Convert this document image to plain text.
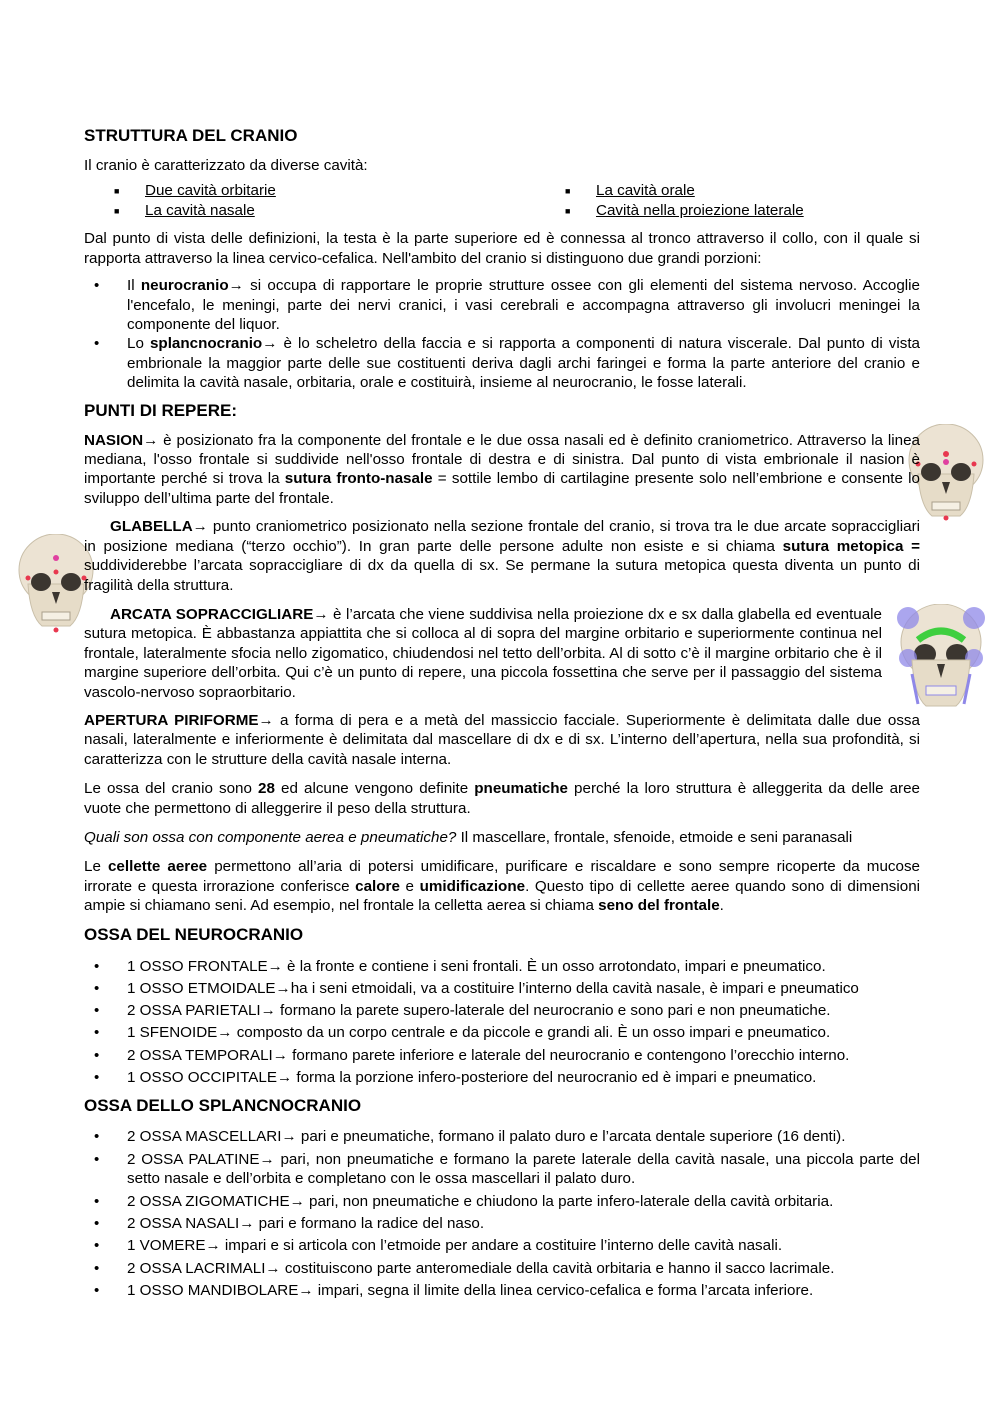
STRUTTURA DEL CRANIO

Il cranio è caratterizzato da diverse cavità:

■	Due cavità orbitarie	■	La cavità orale
■	La cavità nasale	■	Cavità nella proiezione laterale

Dal punto di vista delle definizioni, la testa è la parte superiore ed è connessa al tronco attraverso il collo, con il quale si rapporta attraverso la linea cervico-cefalica. Nell'ambito del cranio si distinguono due grandi porzioni:

• Il neurocranio→ si occupa di rapportare le proprie strutture ossee con gli elementi del sistema nervoso. Accoglie l'encefalo, le meningi, parte dei nervi cranici, i vasi cerebrali e accompagna attraverso gli involucri meningei la componente del liquor.
• Lo splancnocranio→ è lo scheletro della faccia e si rapporta a componenti di natura viscerale. Dal punto di vista embrionale la maggior parte delle sue costituenti deriva dagli archi faringei e forma la parte anteriore del cranio e delimita la cavità nasale, orbitaria, orale e costituirà, insieme al neurocranio, le fosse laterali.
PUNTI DI REPERE:

NASION→ è posizionato fra la componente del frontale e le due ossa nasali ed è definito craniometrico. Attraverso la linea mediana, l'osso frontale si suddivide nell'osso frontale di destra e di sinistra. Dal punto di vista embrionale il nasion è importante perché si trova la sutura fronto-nasale = sottile lembo di cartilagine presente solo nell’embrione e consente lo sviluppo dell’ultima parte del frontale.

GLABELLA→ punto craniometrico posizionato nella sezione frontale del cranio, si trova tra le due arcate sopraccigliari in posizione mediana (“terzo occhio”). In gran parte delle persone adulte non esiste e si chiama sutura metopica = suddividerebbe l’arcata sopraccigliare di dx da quella di sx. Se permane la sutura metopica questa diventa un punto di fragilità della struttura.

ARCATA SOPRACCIGLIARE→ è l’arcata che viene suddivisa nella proiezione dx e sx dalla glabella ed eventuale sutura metopica. È abbastanza appiattita che si colloca al di sopra del margine orbitario e superiormente continua nel frontale, lateralmente sfocia nello zigomatico, chiudendosi nel tetto dell’orbita. Al di sotto c’è il margine orbitario che è il margine superiore dell’orbita. Qui c’è un punto di repere, una piccola fossettina che serve per il passaggio del sistema vascolo-nervoso sopraorbitario.

APERTURA PIRIFORME→ a forma di pera e a metà del massiccio facciale. Superiormente è delimitata dalle due ossa nasali, lateralmente e inferiormente è delimitata dal mascellare di dx e di sx. L’interno dell’apertura, nella sua profondità, si caratterizza con le strutture della cavità nasale interna.

Le ossa del cranio sono 28 ed alcune vengono definite pneumatiche perché la loro struttura è alleggerita da delle aree vuote che permettono di alleggerire il peso della struttura.

Quali son ossa con componente aerea e pneumatiche? Il mascellare, frontale, sfenoide, etmoide e seni paranasali

Le cellette aeree permettono all’aria di potersi umidificare, purificare e riscaldare e sono sempre ricoperte da mucose irrorate e questa irrorazione conferisce calore e umidificazione. Questo tipo di cellette aeree quando sono di dimensioni ampie si chiamano seni. Ad esempio, nel frontale la celletta aerea si chiama seno del frontale.

OSSA DEL NEUROCRANIO
• 1 OSSO FRONTALE→ è la fronte e contiene i seni frontali. È un osso arrotondato, impari e pneumatico.
• 1 OSSO ETMOIDALE→ha i seni etmoidali, va a costituire l’interno della cavità nasale, è impari e pneumatico
• 2 OSSA PARIETALI→ formano la parete supero-laterale del neurocranio e sono pari e non pneumatiche.
• 1 SFENOIDE→ composto da un corpo centrale e da piccole e grandi ali. È un osso impari e pneumatico.
• 2 OSSA TEMPORALI→ formano parete inferiore e laterale del neurocranio e contengono l’orecchio interno.
• 1 OSSO OCCIPITALE→ forma la porzione infero-posteriore del neurocranio ed è impari e pneumatico.
OSSA DELLO SPLANCNOCRANIO
• 2 OSSA MASCELLARI→ pari e pneumatiche, formano il palato duro e l’arcata dentale superiore (16 denti).
• 2 OSSA PALATINE→ pari, non pneumatiche e formano la parete laterale della cavità nasale, una piccola parte del setto nasale e dell’orbita e completano con le ossa mascellari il palato duro.
• 2 OSSA ZIGOMATICHE→ pari, non pneumatiche e chiudono la parte infero-laterale della cavità orbitaria.
• 2 OSSA NASALI→ pari e formano la radice del naso.
• 1 VOMERE→ impari e si articola con l’etmoide per andare a costituire l’interno delle cavità nasali.
• 2 OSSA LACRIMALI→ costituiscono parte anteromediale della cavità orbitaria e hanno il sacco lacrimale.
• 1 OSSO MANDIBOLARE→ impari, segna il limite della linea cervico-cefalica e forma l’arcata inferiore.
